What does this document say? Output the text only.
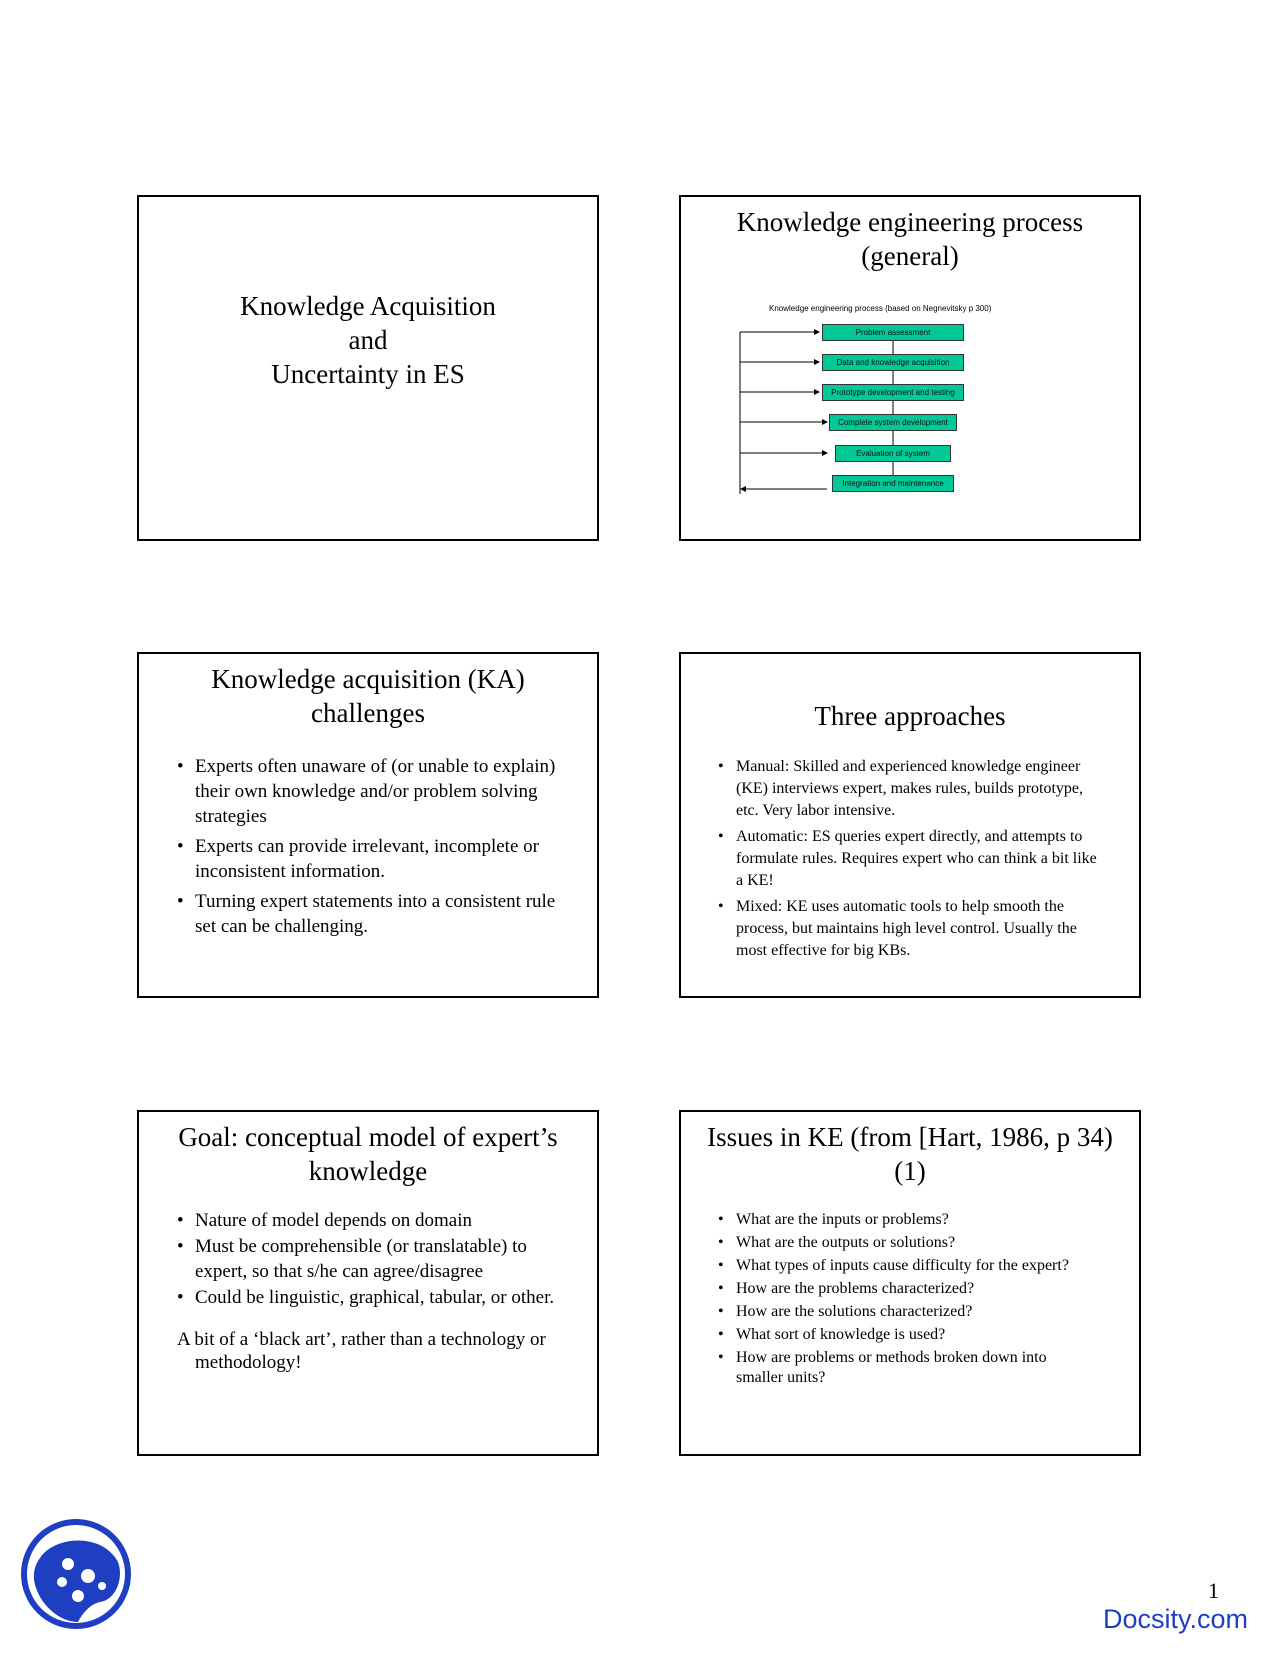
Knowledge Acquisition
and
Uncertainty in ES
Knowledge engineering process
(general)
Knowledge engineering process (based on Negnevitsky p 300)
Problem assessment
Data and knowledge acquisition
Prototype development and testing
Complete system development
Evaluation of system
Integration and maintenance
Knowledge acquisition (KA)
challenges
• Experts often unaware of (or unable to explain) their own knowledge and/or problem solving strategies
• Experts can provide irrelevant, incomplete or inconsistent information.
• Turning expert statements into a consistent rule set can be challenging.
Three approaches
• Manual: Skilled and experienced knowledge engineer (KE) interviews expert, makes rules, builds prototype, etc. Very labor intensive.
• Automatic: ES queries expert directly, and attempts to formulate rules. Requires expert who can think a bit like a KE!
• Mixed: KE uses automatic tools to help smooth the process, but maintains high level control. Usually the most effective for big KBs.
Goal: conceptual model of expert’s
knowledge
• Nature of model depends on domain
• Must be comprehensible (or translatable) to expert, so that s/he can agree/disagree
• Could be linguistic, graphical, tabular, or other.
A bit of a ‘black art’, rather than a technology or methodology!
Issues in KE (from [Hart, 1986, p 34)
(1)
• What are the inputs or problems?
• What are the outputs or solutions?
• What types of inputs cause difficulty for the expert?
• How are the problems characterized?
• How are the solutions characterized?
• What sort of knowledge is used?
• How are problems or methods broken down into smaller units?
1
Docsity.com
